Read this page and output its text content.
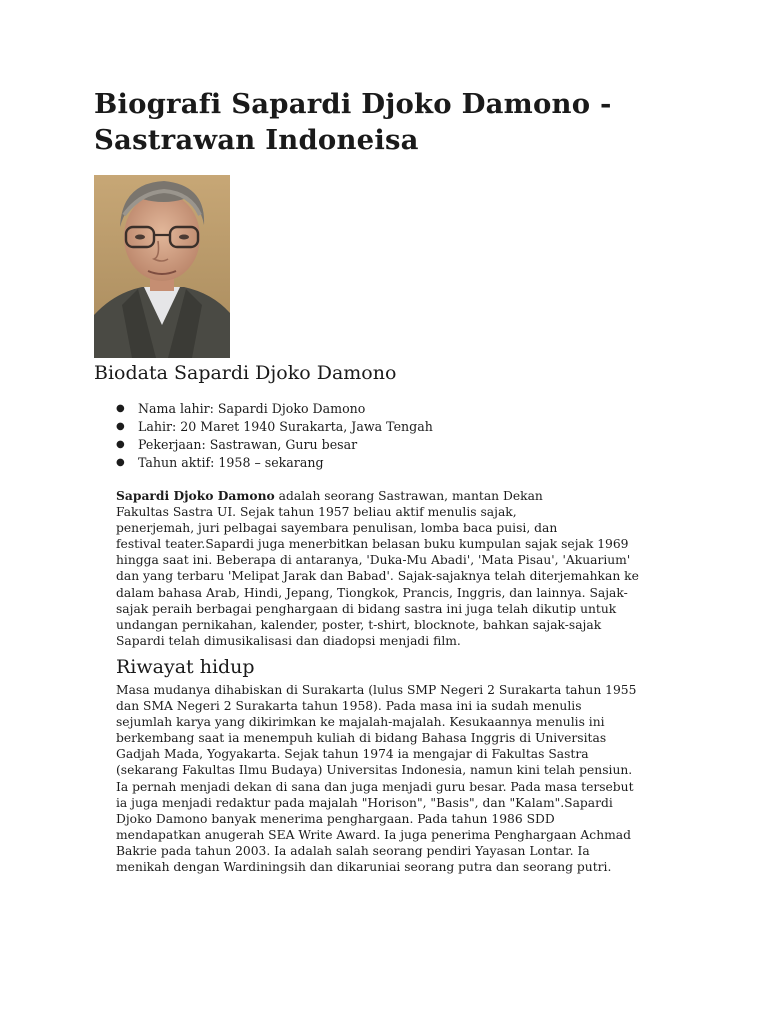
Biografi Sapardi Djoko Damono - Sastrawan Indoneisa
Biodata Sapardi Djoko Damono
● Nama lahir: Sapardi Djoko Damono
● Lahir: 20 Maret 1940 Surakarta, Jawa Tengah
● Pekerjaan: Sastrawan, Guru besar
● Tahun aktif: 1958 – sekarang
Sapardi Djoko Damono adalah seorang Sastrawan, mantan Dekan
Fakultas Sastra UI. Sejak tahun 1957 beliau aktif menulis sajak,
penerjemah, juri pelbagai sayembara penulisan, lomba baca puisi, dan
festival teater.Sapardi juga menerbitkan belasan buku kumpulan sajak sejak 1969
hingga saat ini. Beberapa di antaranya, 'Duka-Mu Abadi', 'Mata Pisau', 'Akuarium'
dan yang terbaru 'Melipat Jarak dan Babad'. Sajak-sajaknya telah diterjemahkan ke
dalam bahasa Arab, Hindi, Jepang, Tiongkok, Prancis, Inggris, dan lainnya. Sajak-
sajak peraih berbagai penghargaan di bidang sastra ini juga telah dikutip untuk
undangan pernikahan, kalender, poster, t-shirt, blocknote, bahkan sajak-sajak
Sapardi telah dimusikalisasi dan diadopsi menjadi film.
Riwayat hidup
Masa mudanya dihabiskan di Surakarta (lulus SMP Negeri 2 Surakarta tahun 1955
dan SMA Negeri 2 Surakarta tahun 1958). Pada masa ini ia sudah menulis
sejumlah karya yang dikirimkan ke majalah-majalah. Kesukaannya menulis ini
berkembang saat ia menempuh kuliah di bidang Bahasa Inggris di Universitas
Gadjah Mada, Yogyakarta. Sejak tahun 1974 ia mengajar di Fakultas Sastra
(sekarang Fakultas Ilmu Budaya) Universitas Indonesia, namun kini telah pensiun.
Ia pernah menjadi dekan di sana dan juga menjadi guru besar. Pada masa tersebut
ia juga menjadi redaktur pada majalah "Horison", "Basis", dan "Kalam".Sapardi
Djoko Damono banyak menerima penghargaan. Pada tahun 1986 SDD
mendapatkan anugerah SEA Write Award. Ia juga penerima Penghargaan Achmad
Bakrie pada tahun 2003. Ia adalah salah seorang pendiri Yayasan Lontar. Ia
menikah dengan Wardiningsih dan dikaruniai seorang putra dan seorang putri.
